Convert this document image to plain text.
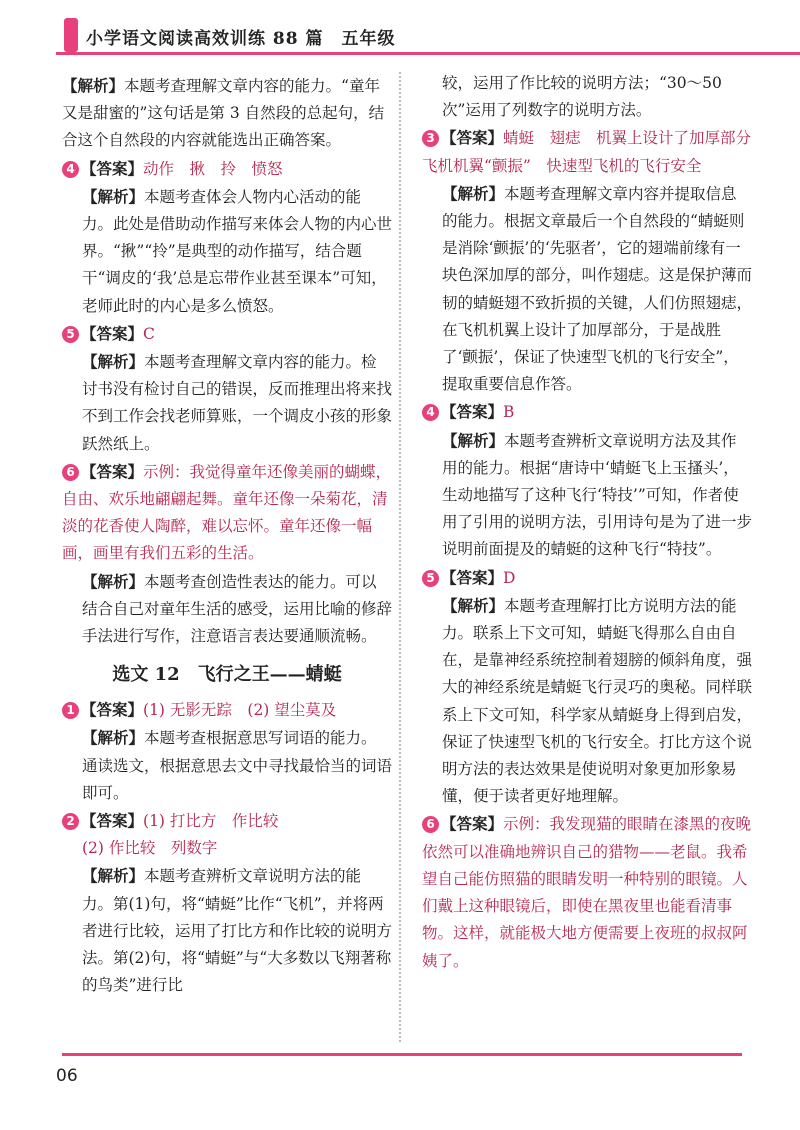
小学语文阅读高效训练 88 篇 五年级
【解析】本题考查理解文章内容的能力。“童年又是甜蜜的”这句话是第 3 自然段的总起句，结合这个自然段的内容就能选出正确答案。
4 【答案】动作　揪　拎　愤怒
【解析】本题考查体会人物内心活动的能力。此处是借助动作描写来体会人物的内心世界。“揪”“拎”是典型的动作描写，结合题干“调皮的‘我’总是忘带作业甚至课本”可知，老师此时的内心是多么愤怒。
5 【答案】C
【解析】本题考查理解文章内容的能力。检讨书没有检讨自己的错误，反而推理出将来找不到工作会找老师算账，一个调皮小孩的形象跃然纸上。
6 【答案】示例：我觉得童年还像美丽的蝴蝶，自由、欢乐地翩翩起舞。童年还像一朵菊花，清淡的花香使人陶醉，难以忘怀。童年还像一幅画，画里有我们五彩的生活。
【解析】本题考查创造性表达的能力。可以结合自己对童年生活的感受，运用比喻的修辞手法进行写作，注意语言表达要通顺流畅。
选文 12　飞行之王——蜻蜓
1 【答案】(1) 无影无踪　(2) 望尘莫及
【解析】本题考查根据意思写词语的能力。通读选文，根据意思去文中寻找最恰当的词语即可。
2 【答案】(1) 打比方　作比较
(2) 作比较　列数字
【解析】本题考查辨析文章说明方法的能力。第(1)句，将“蜻蜓”比作“飞机”，并将两者进行比较，运用了打比方和作比较的说明方法。第(2)句，将“蜻蜓”与“大多数以飞翔著称的鸟类”进行比
较，运用了作比较的说明方法；“30～50 次”运用了列数字的说明方法。
3 【答案】蜻蜓　翅痣　机翼上设计了加厚部分　飞机机翼“颤振”　快速型飞机的飞行安全
【解析】本题考查理解文章内容并提取信息的能力。根据文章最后一个自然段的“蜻蜓则是消除‘颤振’的‘先驱者’，它的翅端前缘有一块色深加厚的部分，叫作翅痣。这是保护薄而韧的蜻蜓翅不致折损的关键，人们仿照翅痣，在飞机机翼上设计了加厚部分，于是战胜了‘颤振’，保证了快速型飞机的飞行安全”，提取重要信息作答。
4 【答案】B
【解析】本题考查辨析文章说明方法及其作用的能力。根据“唐诗中‘蜻蜓飞上玉搔头’，生动地描写了这种飞行‘特技’”可知，作者使用了引用的说明方法，引用诗句是为了进一步说明前面提及的蜻蜓的这种飞行“特技”。
5 【答案】D
【解析】本题考查理解打比方说明方法的能力。联系上下文可知，蜻蜓飞得那么自由自在，是靠神经系统控制着翅膀的倾斜角度，强大的神经系统是蜻蜓飞行灵巧的奥秘。同样联系上下文可知，科学家从蜻蜓身上得到启发，保证了快速型飞机的飞行安全。打比方这个说明方法的表达效果是使说明对象更加形象易懂，便于读者更好地理解。
6 【答案】示例：我发现猫的眼睛在漆黑的夜晚依然可以准确地辨识自己的猎物——老鼠。我希望自己能仿照猫的眼睛发明一种特别的眼镜。人们戴上这种眼镜后，即使在黑夜里也能看清事物。这样，就能极大地方便需要上夜班的叔叔阿姨了。
06
